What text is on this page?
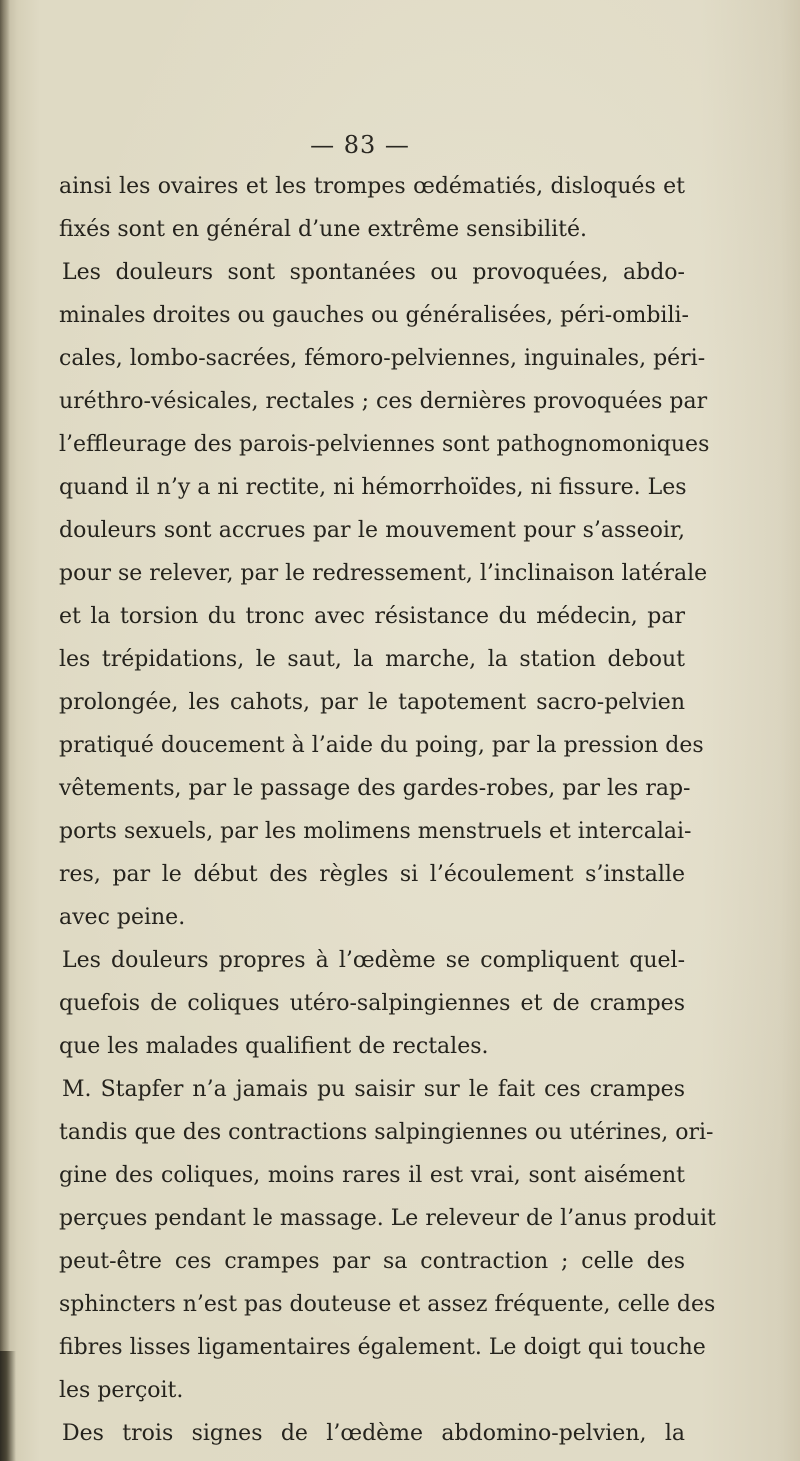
— 83 —
ainsi les ovaires et les trompes œdématiés, disloqués et
fixés sont en général d’une extrême sensibilité.
Les douleurs sont spontanées ou provoquées, abdo-
minales droites ou gauches ou généralisées, péri-ombili-
cales, lombo-sacrées, fémoro-pelviennes, inguinales, péri-
uréthro-vésicales, rectales ; ces dernières provoquées par
l’effleurage des parois-pelviennes sont pathognomoniques
quand il n’y a ni rectite, ni hémorrhoïdes, ni fissure. Les
douleurs sont accrues par le mouvement pour s’asseoir,
pour se relever, par le redressement, l’inclinaison latérale
et la torsion du tronc avec résistance du médecin, par
les trépidations, le saut, la marche, la station debout
prolongée, les cahots, par le tapotement sacro-pelvien
pratiqué doucement à l’aide du poing, par la pression des
vêtements, par le passage des gardes-robes, par les rap-
ports sexuels, par les molimens menstruels et intercalai-
res, par le début des règles si l’écoulement s’installe
avec peine.
Les douleurs propres à l’œdème se compliquent quel-
quefois de coliques utéro-salpingiennes et de crampes
que les malades qualifient de rectales.
M. Stapfer n’a jamais pu saisir sur le fait ces crampes
tandis que des contractions salpingiennes ou utérines, ori-
gine des coliques, moins rares il est vrai, sont aisément
perçues pendant le massage. Le releveur de l’anus produit
peut-être ces crampes par sa contraction ; celle des
sphincters n’est pas douteuse et assez fréquente, celle des
fibres lisses ligamentaires également. Le doigt qui touche
les perçoit.
Des trois signes de l’œdème abdomino-pelvien, la
